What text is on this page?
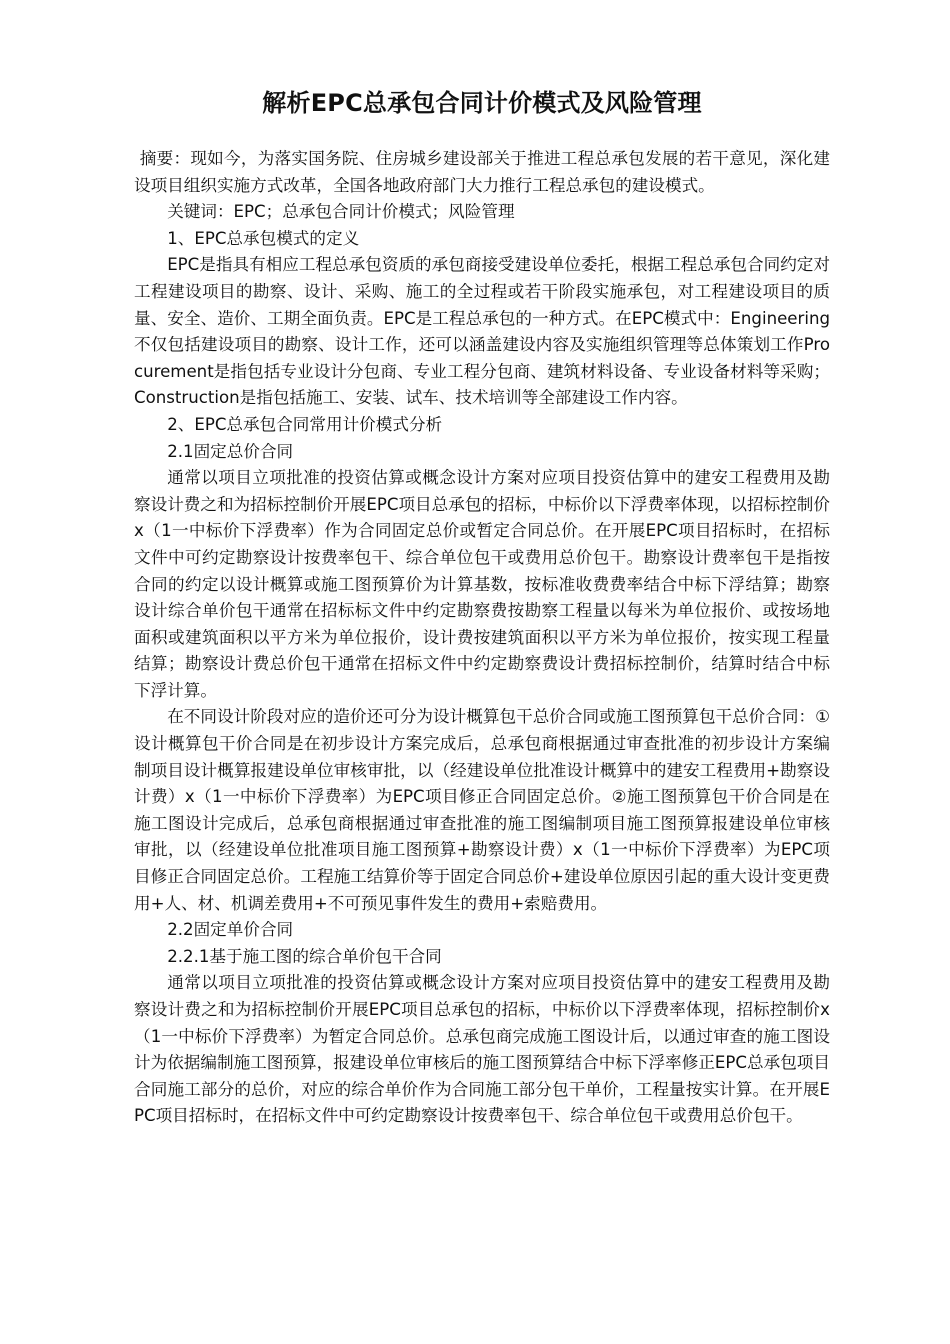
解析EPC总承包合同计价模式及风险管理

摘要：现如今，为落实国务院、住房城乡建设部关于推进工程总承包发展的若干意见，深化建设项目组织实施方式改革，全国各地政府部门大力推行工程总承包的建设模式。

关键词：EPC；总承包合同计价模式；风险管理

1、EPC总承包模式的定义

EPC是指具有相应工程总承包资质的承包商接受建设单位委托，根据工程总承包合同约定对工程建设项目的勘察、设计、采购、施工的全过程或若干阶段实施承包，对工程建设项目的质量、安全、造价、工期全面负责。EPC是工程总承包的一种方式。在EPC模式中：Engineering不仅包括建设项目的勘察、设计工作，还可以涵盖建设内容及实施组织管理等总体策划工作Procurement是指包括专业设计分包商、专业工程分包商、建筑材料设备、专业设备材料等采购；Construction是指包括施工、安装、试车、技术培训等全部建设工作内容。

2、EPC总承包合同常用计价模式分析

2.1固定总价合同

通常以项目立项批准的投资估算或概念设计方案对应项目投资估算中的建安工程费用及勘察设计费之和为招标控制价开展EPC项目总承包的招标，中标价以下浮费率体现，以招标控制价x（1一中标价下浮费率）作为合同固定总价或暂定合同总价。在开展EPC项目招标时，在招标文件中可约定勘察设计按费率包干、综合单位包干或费用总价包干。勘察设计费率包干是指按合同的约定以设计概算或施工图预算价为计算基数，按标准收费费率结合中标下浮结算；勘察设计综合单价包干通常在招标标文件中约定勘察费按勘察工程量以每米为单位报价、或按场地面积或建筑面积以平方米为单位报价，设计费按建筑面积以平方米为单位报价，按实现工程量结算；勘察设计费总价包干通常在招标文件中约定勘察费设计费招标控制价，结算时结合中标下浮计算。

在不同设计阶段对应的造价还可分为设计概算包干总价合同或施工图预算包干总价合同：①设计概算包干价合同是在初步设计方案完成后，总承包商根据通过审查批准的初步设计方案编制项目设计概算报建设单位审核审批，以（经建设单位批准设计概算中的建安工程费用+勘察设计费）x（1一中标价下浮费率）为EPC项目修正合同固定总价。②施工图预算包干价合同是在施工图设计完成后，总承包商根据通过审查批准的施工图编制项目施工图预算报建设单位审核审批，以（经建设单位批准项目施工图预算+勘察设计费）x（1一中标价下浮费率）为EPC项目修正合同固定总价。工程施工结算价等于固定合同总价+建设单位原因引起的重大设计变更费用+人、材、机调差费用+不可预见事件发生的费用+索赔费用。

2.2固定单价合同

2.2.1基于施工图的综合单价包干合同

通常以项目立项批准的投资估算或概念设计方案对应项目投资估算中的建安工程费用及勘察设计费之和为招标控制价开展EPC项目总承包的招标，中标价以下浮费率体现，招标控制价x（1一中标价下浮费率）为暂定合同总价。总承包商完成施工图设计后，以通过审查的施工图设计为依据编制施工图预算，报建设单位审核后的施工图预算结合中标下浮率修正EPC总承包项目合同施工部分的总价，对应的综合单价作为合同施工部分包干单价，工程量按实计算。在开展EPC项目招标时，在招标文件中可约定勘察设计按费率包干、综合单位包干或费用总价包干。
